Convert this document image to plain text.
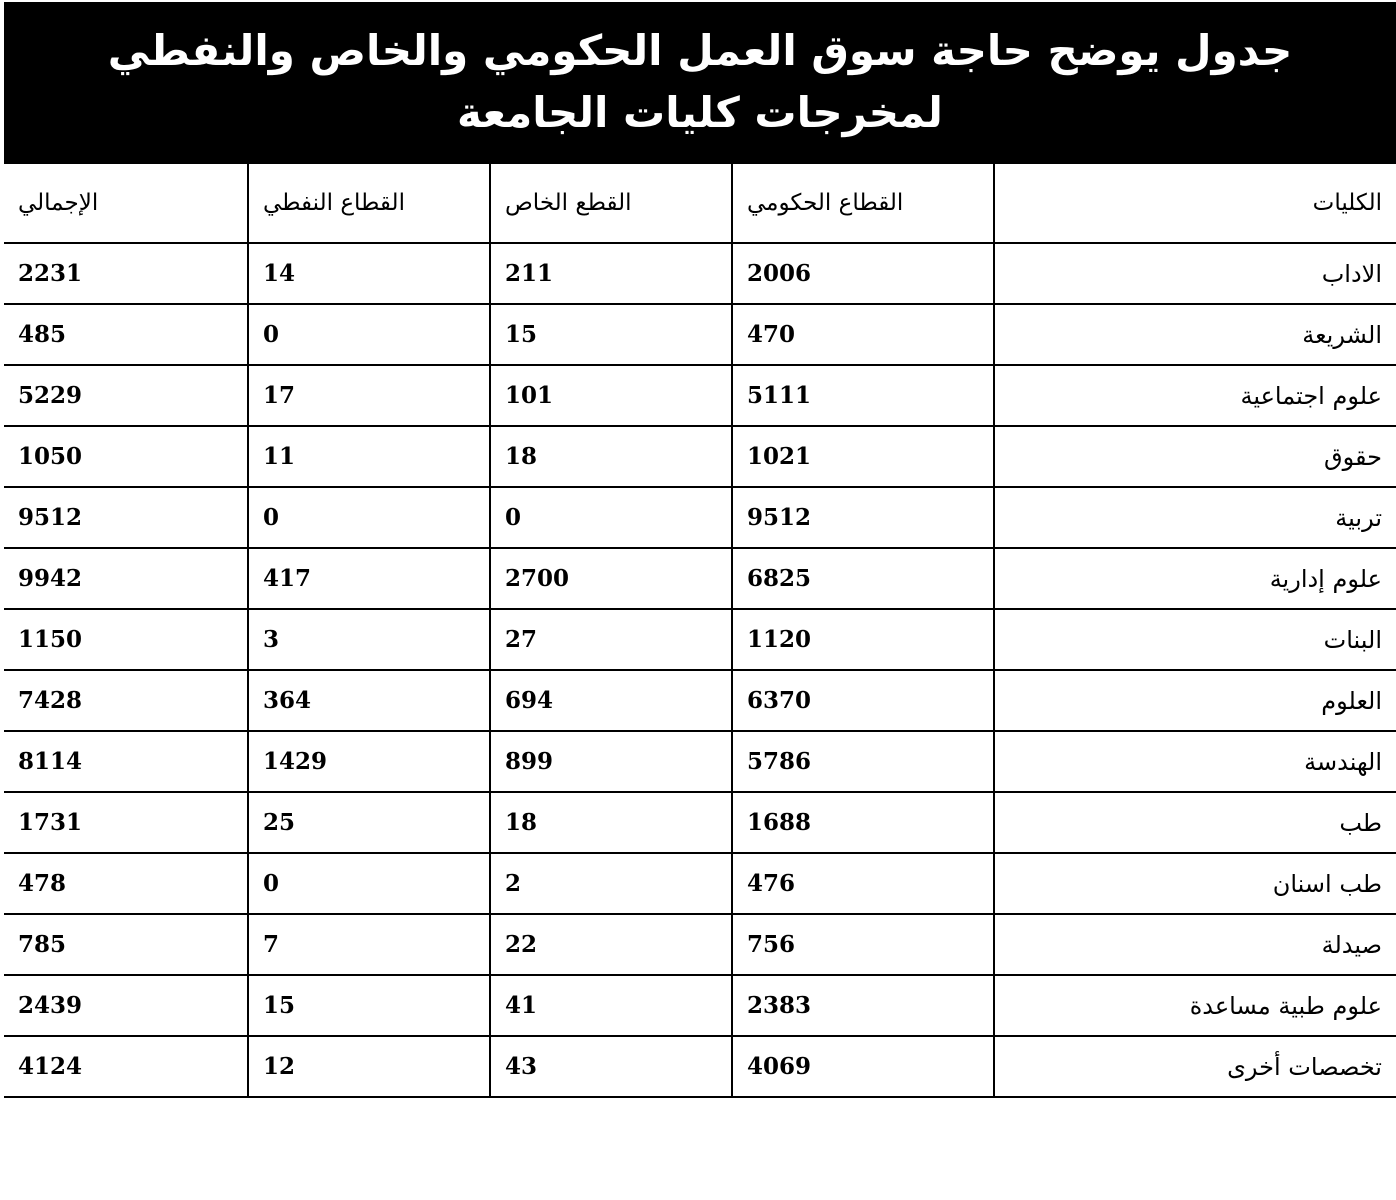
جدول يوضح حاجة سوق العمل الحكومي والخاص والنفطي
لمخرجات كليات الجامعة
الكليات	القطاع الحكومي	القطع الخاص	القطاع النفطي	الإجمالي
الاداب	2006	211	14	2231
الشريعة	470	15	0	485
علوم اجتماعية	5111	101	17	5229
حقوق	1021	18	11	1050
تربية	9512	0	0	9512
علوم إدارية	6825	2700	417	9942
البنات	1120	27	3	1150
العلوم	6370	694	364	7428
الهندسة	5786	899	1429	8114
طب	1688	18	25	1731
طب اسنان	476	2	0	478
صيدلة	756	22	7	785
علوم طبية مساعدة	2383	41	15	2439
تخصصات أخرى	4069	43	12	4124
